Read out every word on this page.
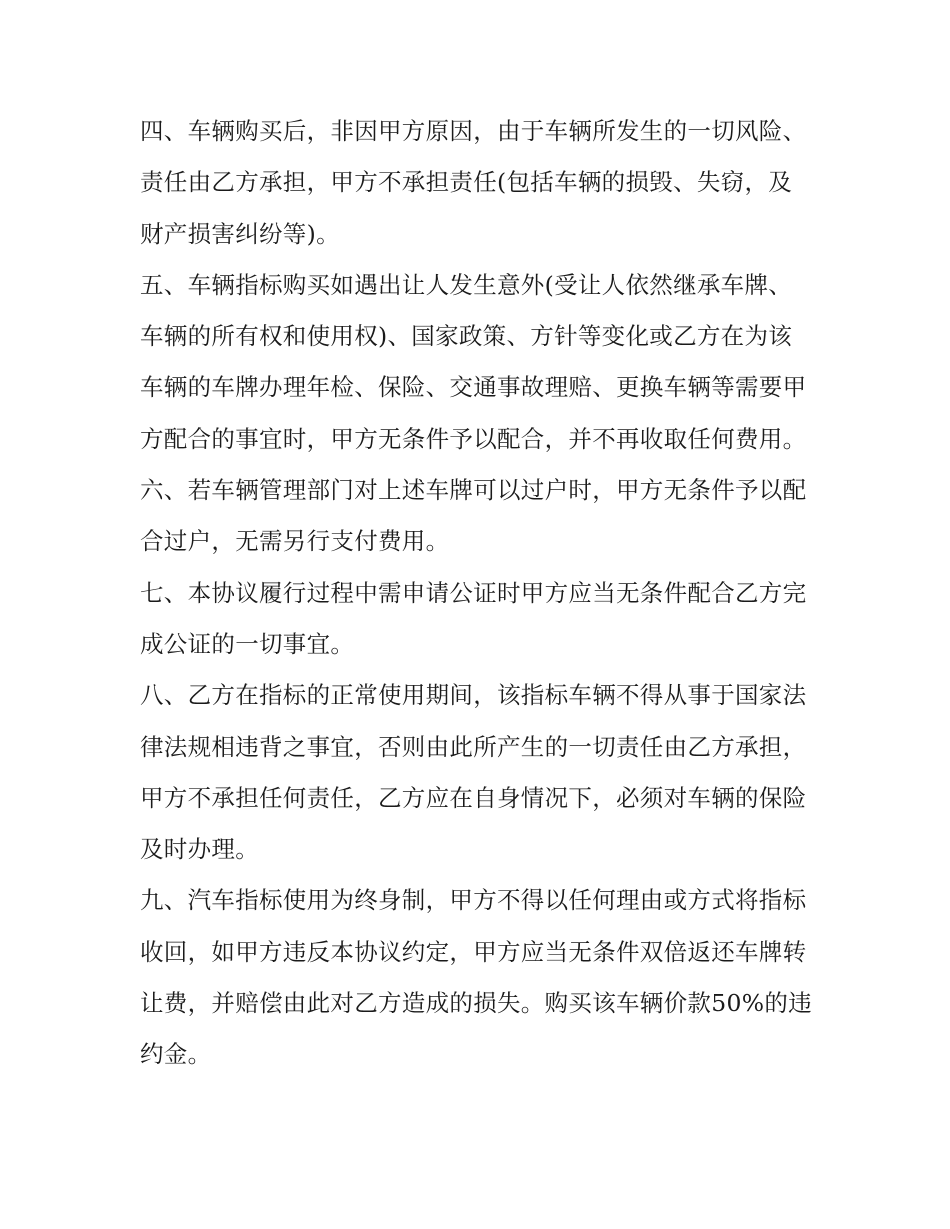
四、车辆购买后，非因甲方原因，由于车辆所发生的一切风险、责任由乙方承担，甲方不承担责任(包括车辆的损毁、失窃，及财产损害纠纷等)。

五、车辆指标购买如遇出让人发生意外(受让人依然继承车牌、车辆的所有权和使用权)、国家政策、方针等变化或乙方在为该车辆的车牌办理年检、保险、交通事故理赔、更换车辆等需要甲方配合的事宜时，甲方无条件予以配合，并不再收取任何费用。

六、若车辆管理部门对上述车牌可以过户时，甲方无条件予以配合过户，无需另行支付费用。

七、本协议履行过程中需申请公证时甲方应当无条件配合乙方完成公证的一切事宜。

八、乙方在指标的正常使用期间，该指标车辆不得从事于国家法律法规相违背之事宜，否则由此所产生的一切责任由乙方承担，甲方不承担任何责任，乙方应在自身情况下，必须对车辆的保险及时办理。

九、汽车指标使用为终身制，甲方不得以任何理由或方式将指标收回，如甲方违反本协议约定，甲方应当无条件双倍返还车牌转让费，并赔偿由此对乙方造成的损失。购买该车辆价款50%的违约金。
